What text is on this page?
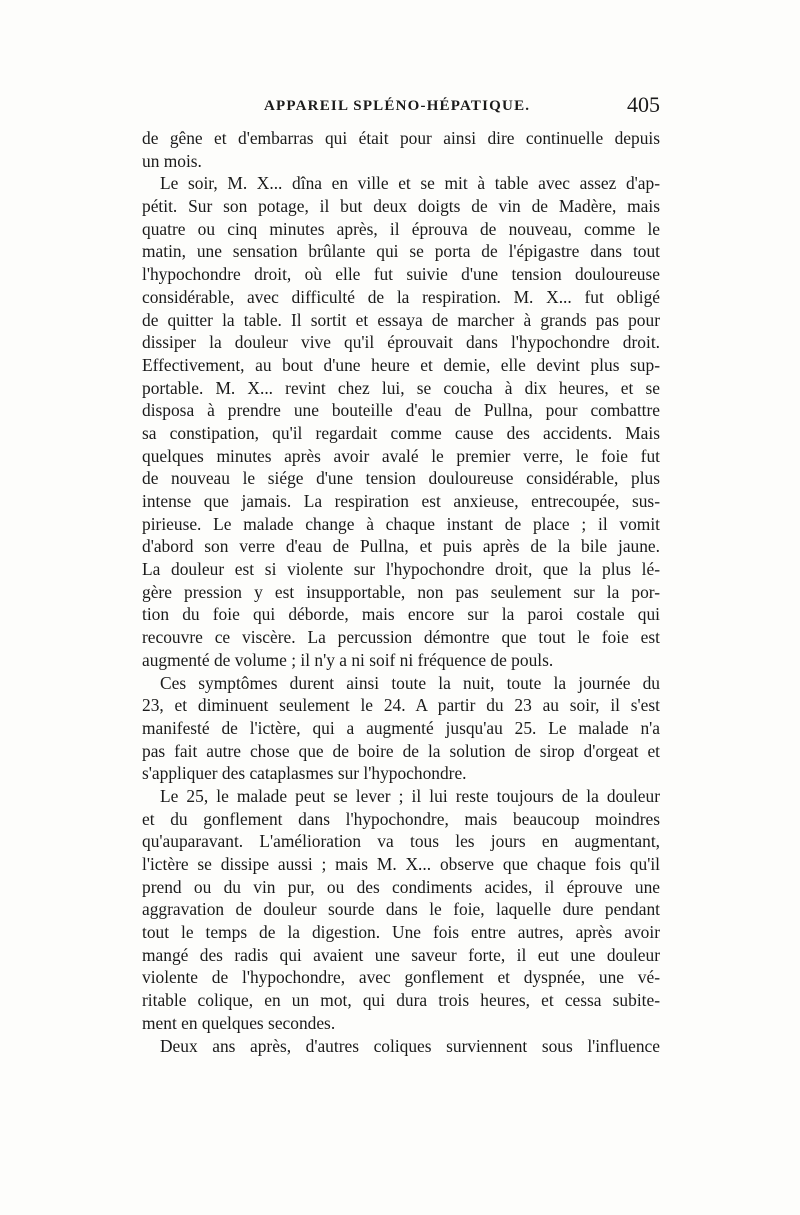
APPAREIL SPLÉNO-HÉPATIQUE.	405
de gêne et d'embarras qui était pour ainsi dire continuelle depuis
un mois.
Le soir, M. X... dîna en ville et se mit à table avec assez d'ap-
pétit. Sur son potage, il but deux doigts de vin de Madère, mais
quatre ou cinq minutes après, il éprouva de nouveau, comme le
matin, une sensation brûlante qui se porta de l'épigastre dans tout
l'hypochondre droit, où elle fut suivie d'une tension douloureuse
considérable, avec difficulté de la respiration. M. X... fut obligé
de quitter la table. Il sortit et essaya de marcher à grands pas pour
dissiper la douleur vive qu'il éprouvait dans l'hypochondre droit.
Effectivement, au bout d'une heure et demie, elle devint plus sup-
portable. M. X... revint chez lui, se coucha à dix heures, et se
disposa à prendre une bouteille d'eau de Pullna, pour combattre
sa constipation, qu'il regardait comme cause des accidents. Mais
quelques minutes après avoir avalé le premier verre, le foie fut
de nouveau le siége d'une tension douloureuse considérable, plus
intense que jamais. La respiration est anxieuse, entrecoupée, sus-
pirieuse. Le malade change à chaque instant de place ; il vomit
d'abord son verre d'eau de Pullna, et puis après de la bile jaune.
La douleur est si violente sur l'hypochondre droit, que la plus lé-
gère pression y est insupportable, non pas seulement sur la por-
tion du foie qui déborde, mais encore sur la paroi costale qui
recouvre ce viscère. La percussion démontre que tout le foie est
augmenté de volume ; il n'y a ni soif ni fréquence de pouls.
Ces symptômes durent ainsi toute la nuit, toute la journée du
23, et diminuent seulement le 24. A partir du 23 au soir, il s'est
manifesté de l'ictère, qui a augmenté jusqu'au 25. Le malade n'a
pas fait autre chose que de boire de la solution de sirop d'orgeat et
s'appliquer des cataplasmes sur l'hypochondre.
Le 25, le malade peut se lever ; il lui reste toujours de la douleur
et du gonflement dans l'hypochondre, mais beaucoup moindres
qu'auparavant. L'amélioration va tous les jours en augmentant,
l'ictère se dissipe aussi ; mais M. X... observe que chaque fois qu'il
prend ou du vin pur, ou des condiments acides, il éprouve une
aggravation de douleur sourde dans le foie, laquelle dure pendant
tout le temps de la digestion. Une fois entre autres, après avoir
mangé des radis qui avaient une saveur forte, il eut une douleur
violente de l'hypochondre, avec gonflement et dyspnée, une vé-
ritable colique, en un mot, qui dura trois heures, et cessa subite-
ment en quelques secondes.
Deux ans après, d'autres coliques surviennent sous l'influence
